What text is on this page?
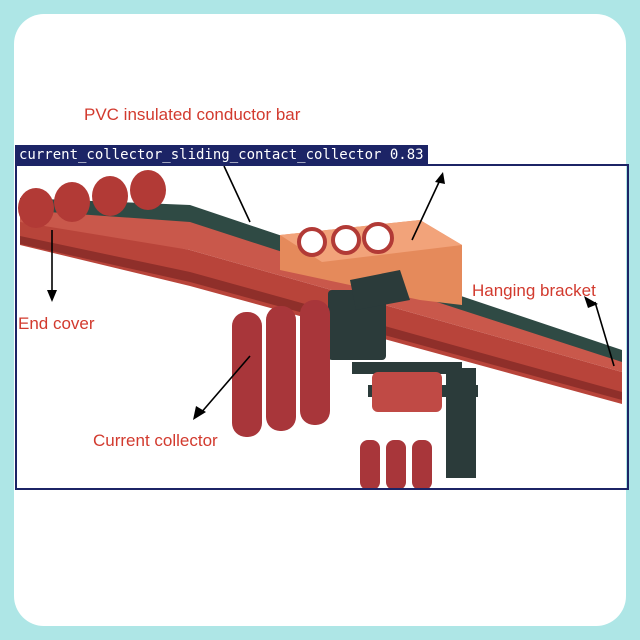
PVC insulated conductor bar
Hanging bracket
End cover
Current collector
current_collector_sliding_contact_collector 0.83
